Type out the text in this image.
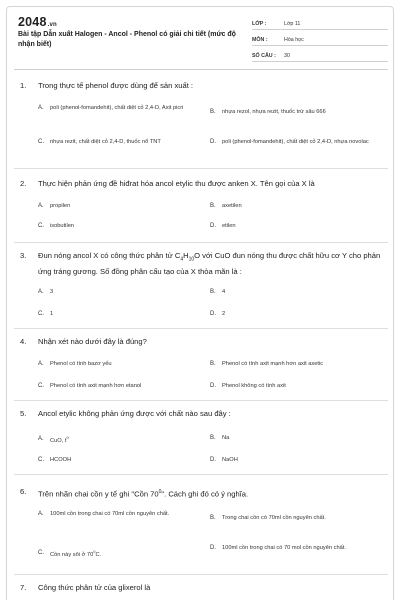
2048.vn
Bài tập Dẫn xuất Halogen - Ancol - Phenol có giải chi tiết (mức độ nhận biết)
LỚP :	Lớp 11
MÔN :	Hóa học
SỐ CÂU :	30
1.	Trong thực tế phenol được dùng để sản xuất :
A.	poli (phenol-fomandehit), chất diệt cỏ 2,4-D, Axit picri
B.	nhựa rezol, nhựa rezit, thuốc trừ sâu 666
C.	nhựa rezit, chất diệt cỏ 2,4-D, thuốc nổ TNT	D.	poli (phenol-fomandehit), chất diệt cỏ 2,4-D, nhựa novolac
2.	Thực hiện phản ứng đề hiđrat hóa ancol etylic thu được anken X. Tên gọi của X là
A.	propilen	B.	axetilen
C.	isobutilen	D.	etilen
3.	Đun nóng ancol X có công thức phân tử $C_4H_{10}O$ với CuO đun nóng thu được chất hữu cơ Y cho phản ứng tráng gương. Số đồng phân cấu tạo của X thỏa mãn là :
A.	3	B.	4
C.	1	D.	2
4.	Nhận xét nào dưới đây là đúng?
A.	Phenol có tính bazơ yếu	B.	Phenol có tính axit mạnh hơn axit axetic
C.	Phenol có tính axit mạnh hơn etanol	D.	Phenol không có tính axit
5.	Ancol etylic không phản ứng được với chất nào sau đây :
A.	CuO, $t^0$	B.	Na
C.	HCOOH	D.	NaOH
6.	Trên nhãn chai cồn y tế ghi "Cồn $70^0$". Cách ghi đó có ý nghĩa.
A.	100ml cồn trong chai có 70ml cồn nguyên chất.
B.	Trong chai cồn có 70ml cồn nguyên chất.
C.	Cồn này sôi ở $70^0C$.
D.	100ml cồn trong chai có 70 mol cồn nguyên chất.
7.	Công thức phân tử của glixerol là
